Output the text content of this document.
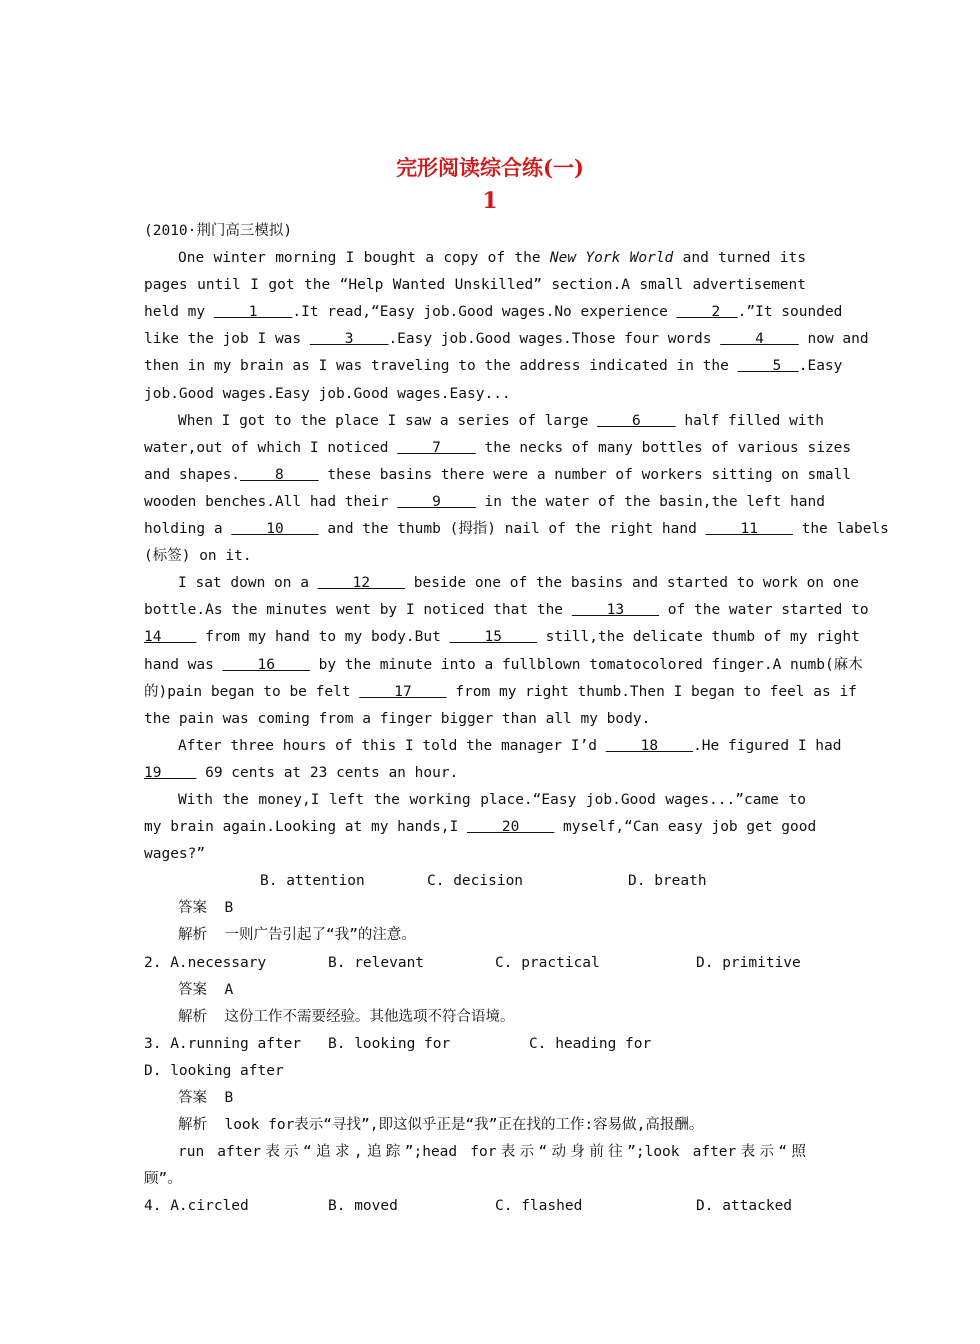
完形阅读综合练(一)
1
(2010·荆门高三模拟)
One winter morning I bought a copy of the New York World and turned its
pages until I got the “Help Wanted Unskilled” section.A small advertisement
held my     1    .It read,“Easy job.Good wages.No experience     2  .”It sounded
like the job I was     3    .Easy job.Good wages.Those four words     4     now and
then in my brain as I was traveling to the address indicated in the     5  .Easy
job.Good wages.Easy job.Good wages.Easy...
When I got to the place I saw a series of large     6     half filled with
water,out of which I noticed     7     the necks of many bottles of various sizes
and shapes.    8     these basins there were a number of workers sitting on small
wooden benches.All had their     9     in the water of the basin,the left hand
holding a     10     and the thumb (拇指) nail of the right hand     11     the labels
(标签) on it.
I sat down on a     12     beside one of the basins and started to work on one
bottle.As the minutes went by I noticed that the     13     of the water started to
14     from my hand to my body.But     15     still,the delicate thumb of my right
hand was     16     by the minute into a fullblown tomatocolored finger.A numb(麻木
的)pain began to be felt     17     from my right thumb.Then I began to feel as if
the pain was coming from a finger bigger than all my body.
After three hours of this I told the manager I’d     18    .He figured I had
19     69 cents at 23 cents an hour.
With the money,I left the working place.“Easy job.Good wages...”came to
my brain again.Looking at my hands,I     20     myself,“Can easy job get good
wages?”
B. attention	C. decision	D. breath
答案 B
解析 一则广告引起了“我”的注意。
2. A.necessary	B. relevant	C. practical	D. primitive
答案 A
解析 这份工作不需要经验。其他选项不符合语境。
3. A.running after B. looking for	C. heading for
D. looking after
答案 B
解析 look for表示“寻找”,即这似乎正是“我”正在找的工作:容易做,高报酬。
run after表示“追求,追踪”;head for表示“动身前往”;look after表示“照
顾”。
4. A.circled	B. moved	C. flashed	D. attacked
